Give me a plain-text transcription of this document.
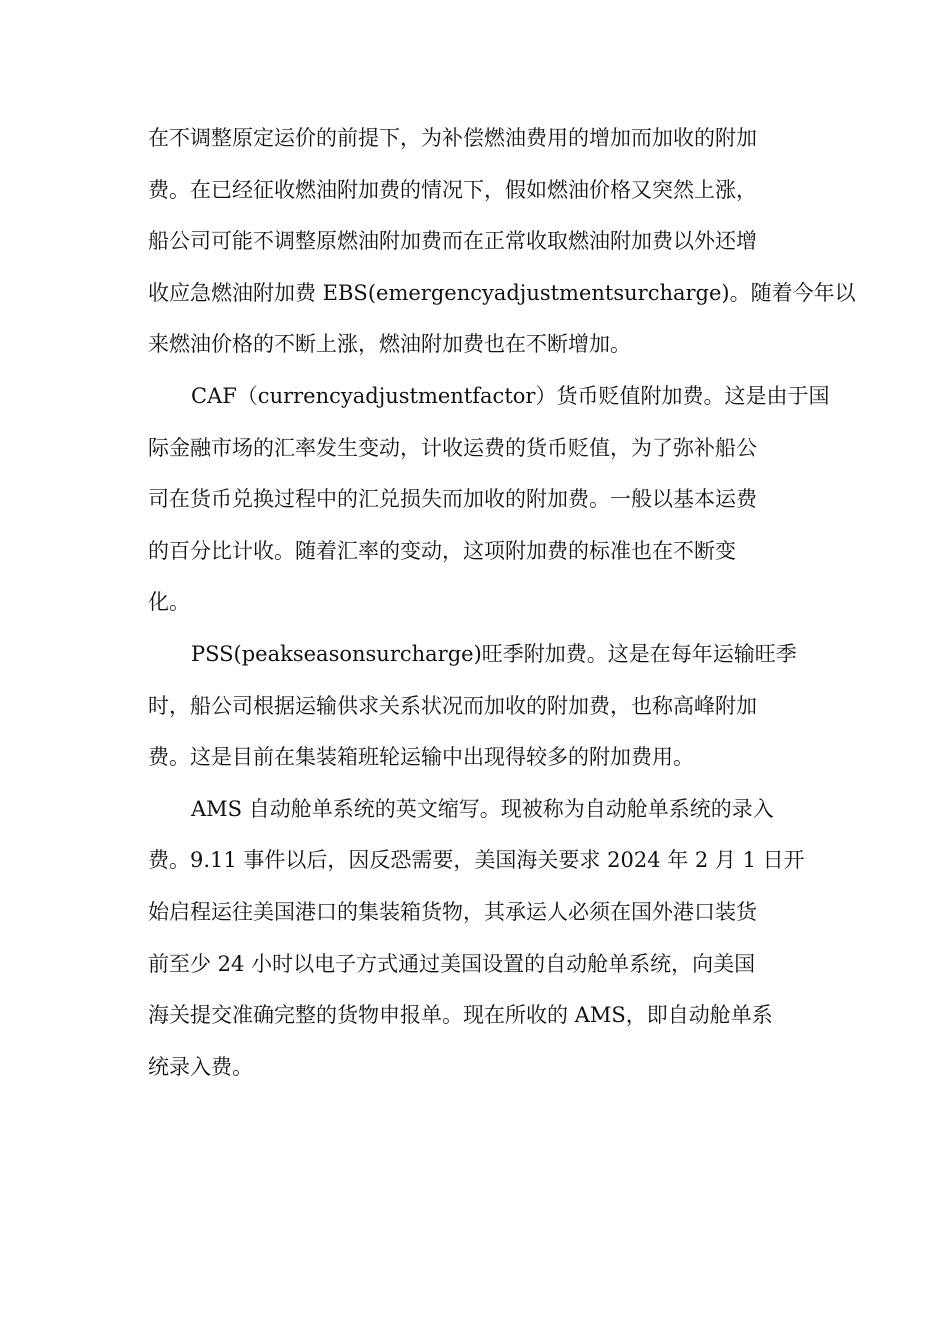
在不调整原定运价的前提下，为补偿燃油费用的增加而加收的附加
费。在已经征收燃油附加费的情况下，假如燃油价格又突然上涨，
船公司可能不调整原燃油附加费而在正常收取燃油附加费以外还增
收应急燃油附加费 EBS(emergencyadjustmentsurcharge)。随着今年以
来燃油价格的不断上涨，燃油附加费也在不断增加。
CAF（currencyadjustmentfactor）货币贬值附加费。这是由于国
际金融市场的汇率发生变动，计收运费的货币贬值，为了弥补船公
司在货币兑换过程中的汇兑损失而加收的附加费。一般以基本运费
的百分比计收。随着汇率的变动，这项附加费的标准也在不断变
化。
PSS(peakseasonsurcharge)旺季附加费。这是在每年运输旺季
时，船公司根据运输供求关系状况而加收的附加费，也称高峰附加
费。这是目前在集装箱班轮运输中出现得较多的附加费用。
AMS 自动舱单系统的英文缩写。现被称为自动舱单系统的录入
费。9.11 事件以后，因反恐需要，美国海关要求 2024 年 2 月 1 日开
始启程运往美国港口的集装箱货物，其承运人必须在国外港口装货
前至少 24 小时以电子方式通过美国设置的自动舱单系统，向美国
海关提交准确完整的货物申报单。现在所收的 AMS，即自动舱单系
统录入费。
